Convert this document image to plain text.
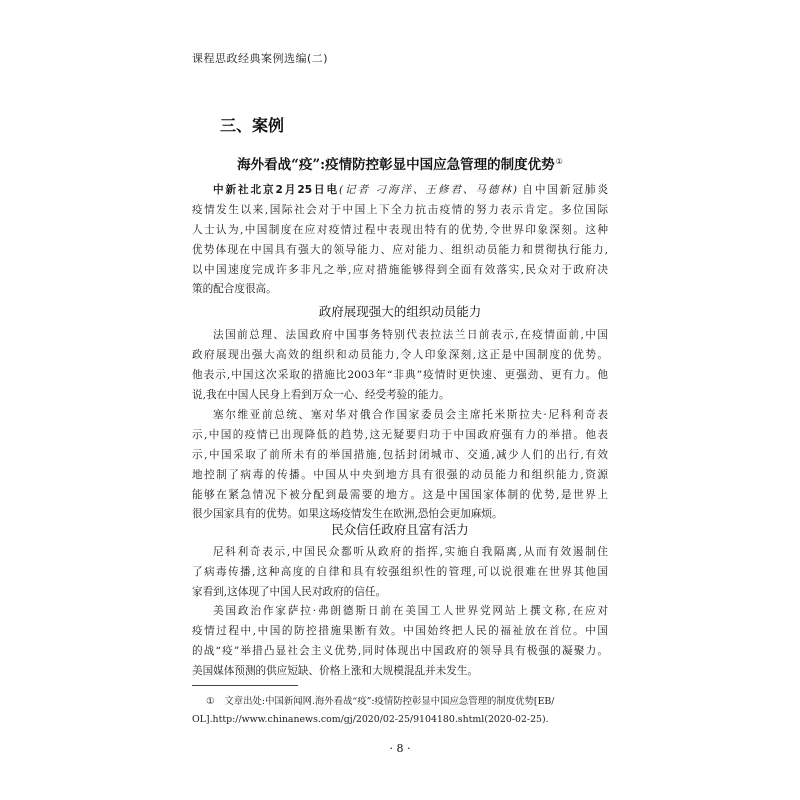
课程思政经典案例选编(二)
三、案例
海外看战“疫”:疫情防控彰显中国应急管理的制度优势①
中新社北京2月25日电(记者 刁海洋、王修君、马德林) 自中国新冠肺炎
疫情发生以来,国际社会对于中国上下全力抗击疫情的努力表示肯定。多位国际
人士认为,中国制度在应对疫情过程中表现出特有的优势,令世界印象深刻。这种
优势体现在中国具有强大的领导能力、应对能力、组织动员能力和贯彻执行能力,
以中国速度完成许多非凡之举,应对措施能够得到全面有效落实,民众对于政府决
策的配合度很高。
政府展现强大的组织动员能力
法国前总理、法国政府中国事务特别代表拉法兰日前表示,在疫情面前,中国
政府展现出强大高效的组织和动员能力,令人印象深刻,这正是中国制度的优势。
他表示,中国这次采取的措施比2003年“非典”疫情时更快速、更强劲、更有力。他
说,我在中国人民身上看到万众一心、经受考验的能力。
塞尔维亚前总统、塞对华对俄合作国家委员会主席托米斯拉夫·尼科利奇表
示,中国的疫情已出现降低的趋势,这无疑要归功于中国政府强有力的举措。他表
示,中国采取了前所未有的举国措施,包括封闭城市、交通,减少人们的出行,有效
地控制了病毒的传播。中国从中央到地方具有很强的动员能力和组织能力,资源
能够在紧急情况下被分配到最需要的地方。这是中国国家体制的优势,是世界上
很少国家具有的优势。如果这场疫情发生在欧洲,恐怕会更加麻烦。
民众信任政府且富有活力
尼科利奇表示,中国民众都听从政府的指挥,实施自我隔离,从而有效遏制住
了病毒传播,这种高度的自律和具有较强组织性的管理,可以说很难在世界其他国
家看到,这体现了中国人民对政府的信任。
美国政治作家萨拉·弗朗德斯日前在美国工人世界党网站上撰文称,在应对
疫情过程中,中国的防控措施果断有效。中国始终把人民的福祉放在首位。中国
的战“疫”举措凸显社会主义优势,同时体现出中国政府的领导具有极强的凝聚力。
美国媒体预测的供应短缺、价格上涨和大规模混乱并未发生。
① 文章出处:中国新闻网.海外看战“疫”:疫情防控彰显中国应急管理的制度优势[EB/
OL].http://www.chinanews.com/gj/2020/02-25/9104180.shtml(2020-02-25).
· 8 ·
